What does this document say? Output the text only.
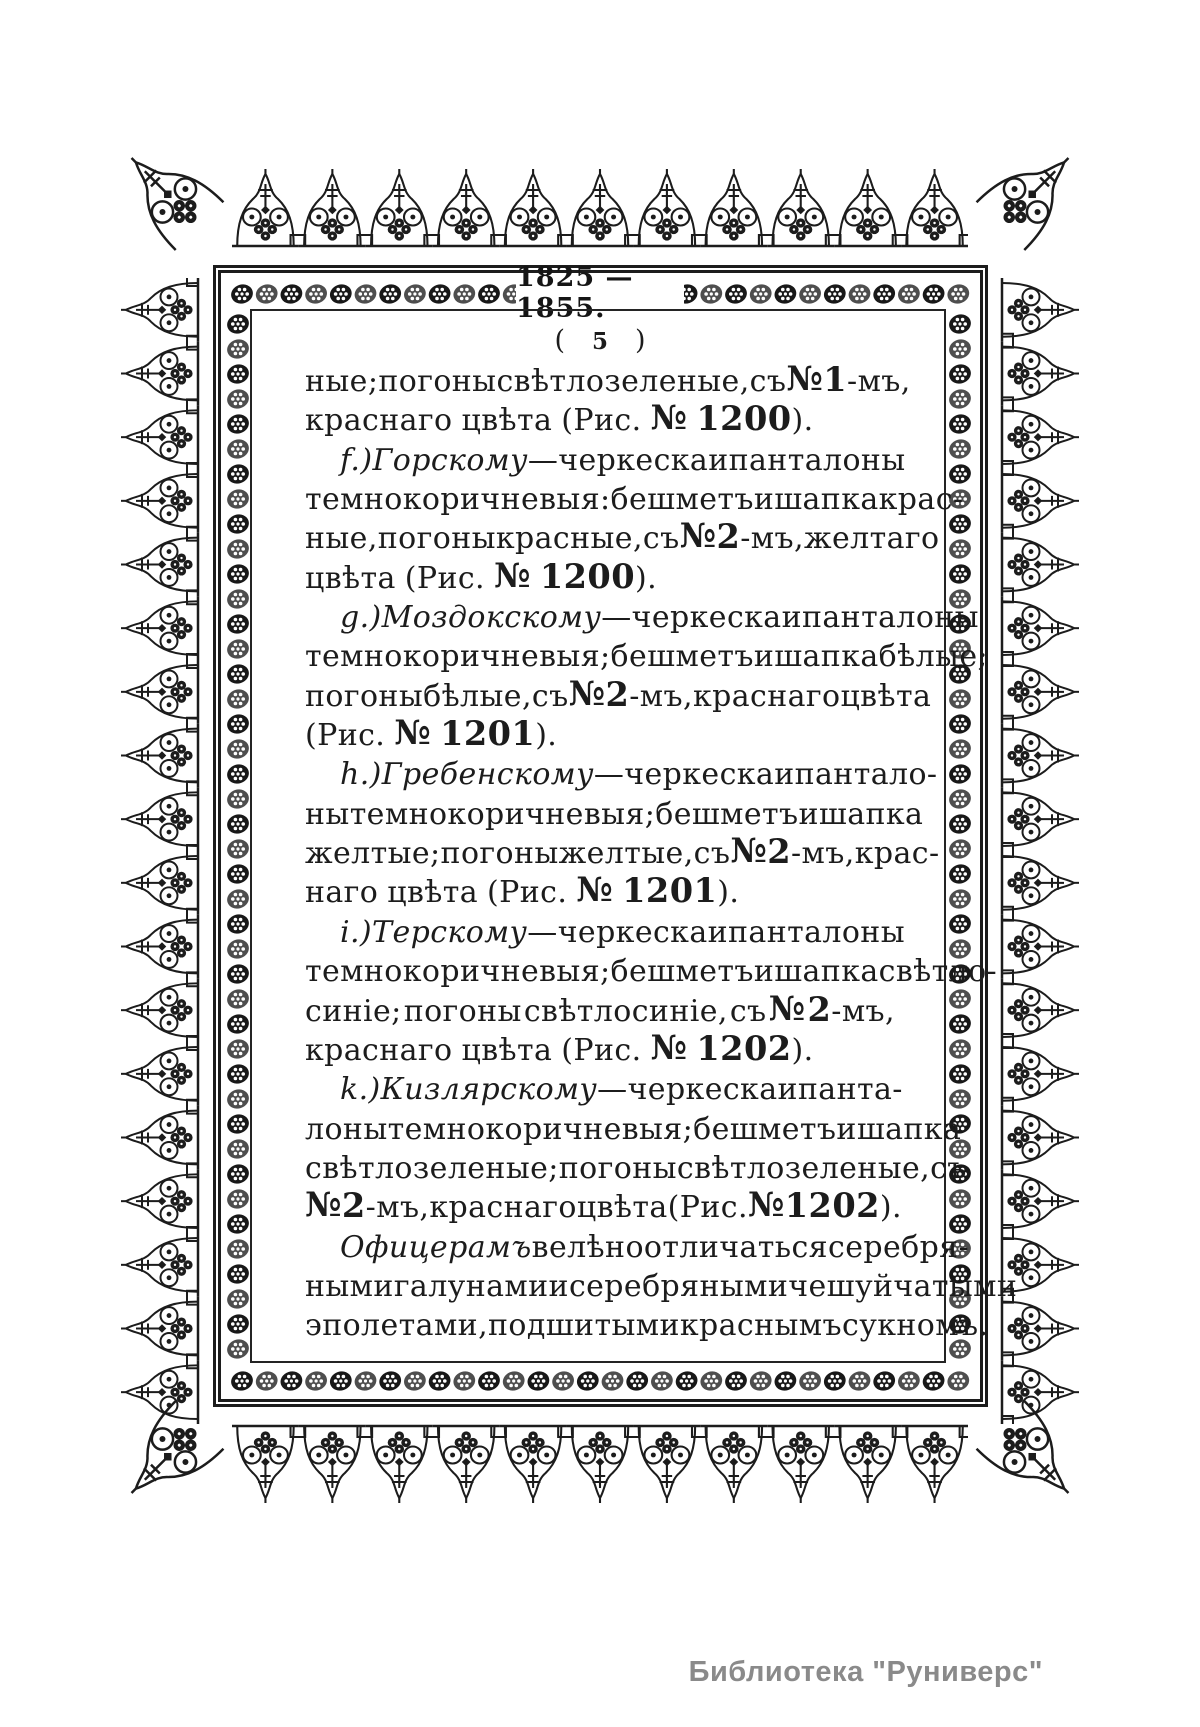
1825 — 1855.
( 5 )
ные; погоны свѣтлозеленые, съ № 1-мъ,
краснаго цвѣта (Рис. № 1200).
f.) Горскому — черкеска и панталоны
темнокоричневыя: бешметъ и шапка крас-
ные, погоны красные, съ № 2-мъ, желтаго
цвѣта (Рис. № 1200).
g.) Моздокскому — черкеска и панталоны
темнокоричневыя; бешметъ и шапка бѣлые;
погоны бѣлые, съ № 2-мъ, краснаго цвѣта
(Рис. № 1201).
h.) Гребенскому — черкеска и пантало-
ны темнокоричневыя; бешметъ и шапка
желтые; погоны желтые, съ № 2-мъ, крас-
наго цвѣта (Рис. № 1201).
i.) Терскому — черкеска и панталоны
темнокоричневыя; бешметъ и шапка свѣтло-
синіе; погоны свѣтлосиніе, съ № 2-мъ,
краснаго цвѣта (Рис. № 1202).
k.) Кизлярскому — черкеска и панта-
лоны темнокоричневыя; бешметъ и шапка
свѣтлозеленые; погоны свѣтлозеленые, съ
№ 2-мъ, краснаго цвѣта (Рис. № 1202).
Офицерамъ велѣно отличаться серебря-
ными галунами и серебряными чешуйчатыми
эполетами, подшитыми краснымъ сукномъ.
Библиотека "Руниверс"
